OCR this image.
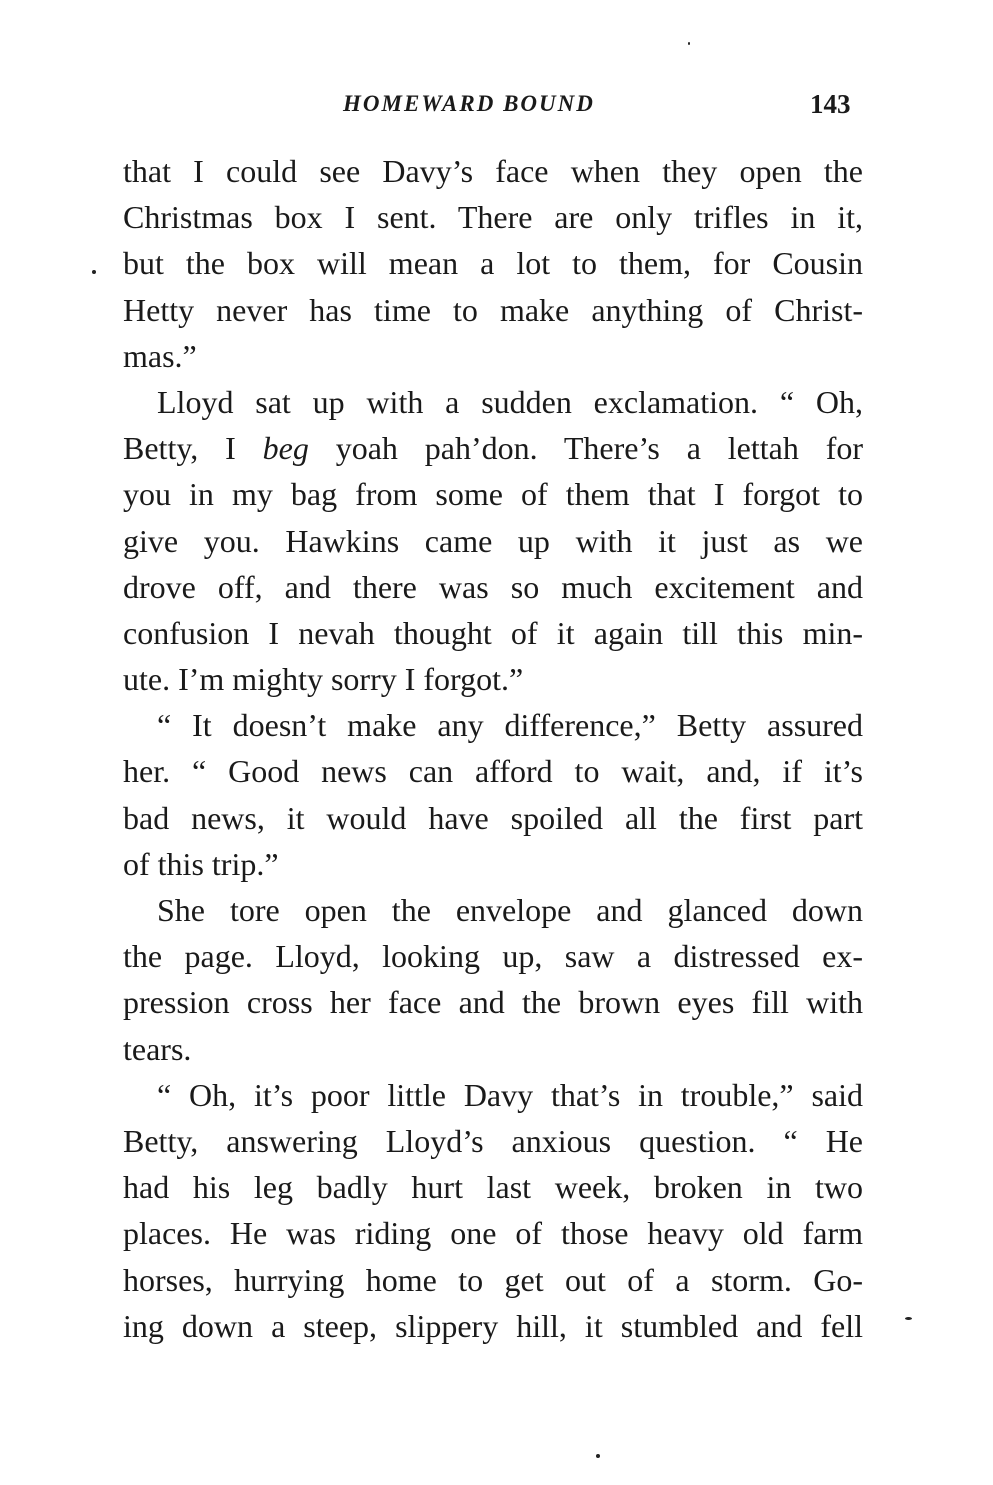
HOMEWARD BOUND	143
that I could see Davy’s face when they open the
Christmas box I sent. There are only trifles in it,
but the box will mean a lot to them, for Cousin
Hetty never has time to make anything of Christ-
mas.”
Lloyd sat up with a sudden exclamation. “ Oh,
Betty, I beg yoah pah’don. There’s a lettah for
you in my bag from some of them that I forgot to
give you. Hawkins came up with it just as we
drove off, and there was so much excitement and
confusion I nevah thought of it again till this min-
ute. I’m mighty sorry I forgot.”
“ It doesn’t make any difference,” Betty assured
her. “ Good news can afford to wait, and, if it’s
bad news, it would have spoiled all the first part
of this trip.”
She tore open the envelope and glanced down
the page. Lloyd, looking up, saw a distressed ex-
pression cross her face and the brown eyes fill with
tears.
“ Oh, it’s poor little Davy that’s in trouble,” said
Betty, answering Lloyd’s anxious question. “ He
had his leg badly hurt last week, broken in two
places. He was riding one of those heavy old farm
horses, hurrying home to get out of a storm. Go-
ing down a steep, slippery hill, it stumbled and fell
